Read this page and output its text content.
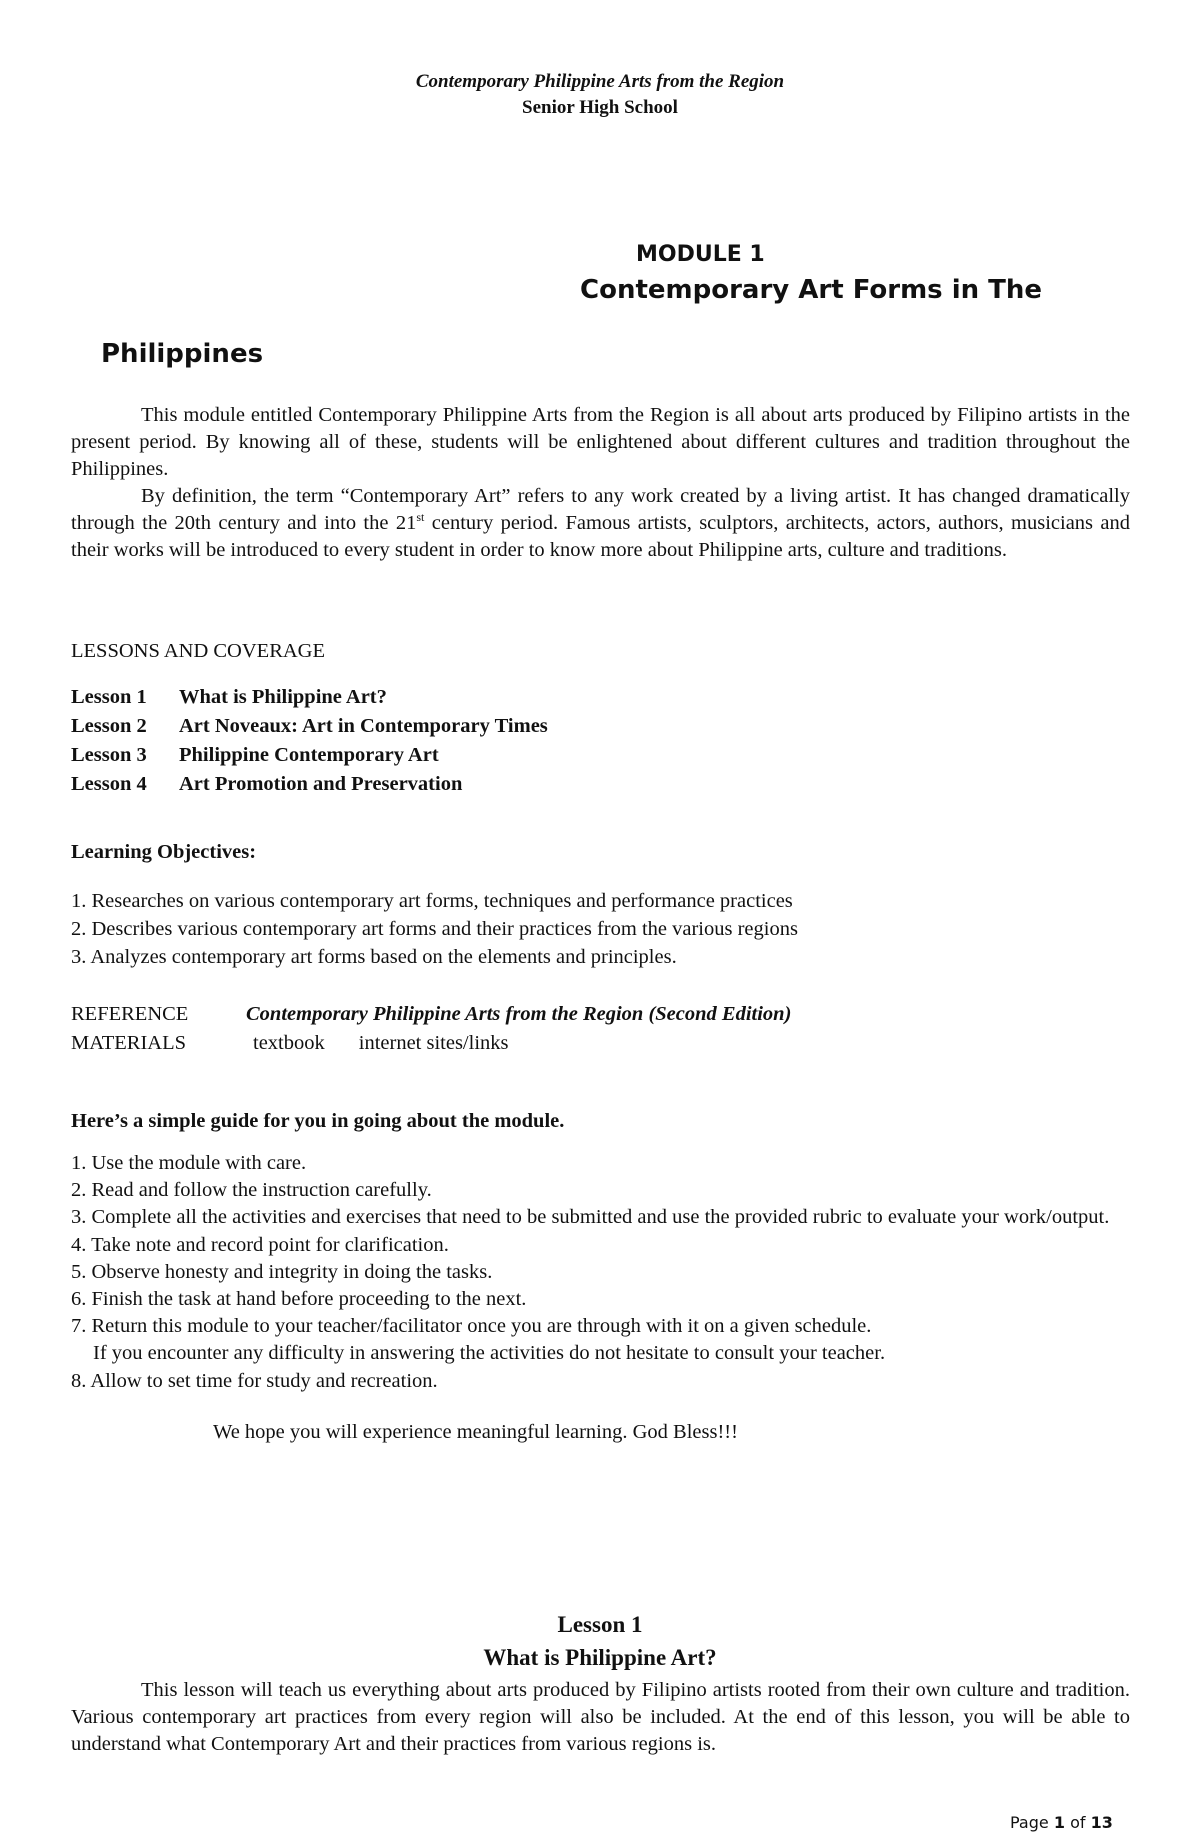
Contemporary Philippine Arts from the Region
Senior High School
MODULE 1
Contemporary Art Forms in The
Philippines
This module entitled Contemporary Philippine Arts from the Region is all about arts produced by Filipino artists in the present period. By knowing all of these, students will be enlightened about different cultures and tradition throughout the Philippines.
By definition, the term “Contemporary Art” refers to any work created by a living artist. It has changed dramatically through the 20th century and into the 21st century period. Famous artists, sculptors, architects, actors, authors, musicians and their works will be introduced to every student in order to know more about Philippine arts, culture and traditions.
LESSONS AND COVERAGE
Lesson 1 What is Philippine Art?
Lesson 2 Art Noveaux: Art in Contemporary Times
Lesson 3 Philippine Contemporary Art
Lesson 4 Art Promotion and Preservation
Learning Objectives:
1. Researches on various contemporary art forms, techniques and performance practices
2. Describes various contemporary art forms and their practices from the various regions
3. Analyzes contemporary art forms based on the elements and principles.
REFERENCE	Contemporary Philippine Arts from the Region (Second Edition)
MATERIALS	textbook internet sites/links
Here’s a simple guide for you in going about the module.
1. Use the module with care.
2. Read and follow the instruction carefully.
3. Complete all the activities and exercises that need to be submitted and use the provided rubric to evaluate your work/output.
4. Take note and record point for clarification.
5. Observe honesty and integrity in doing the tasks.
6. Finish the task at hand before proceeding to the next.
7. Return this module to your teacher/facilitator once you are through with it on a given schedule.
If you encounter any difficulty in answering the activities do not hesitate to consult your teacher.
8. Allow to set time for study and recreation.
We hope you will experience meaningful learning. God Bless!!!
Lesson 1
What is Philippine Art?
This lesson will teach us everything about arts produced by Filipino artists rooted from their own culture and tradition. Various contemporary art practices from every region will also be included. At the end of this lesson, you will be able to understand what Contemporary Art and their practices from various regions is.
Page 1 of 13
